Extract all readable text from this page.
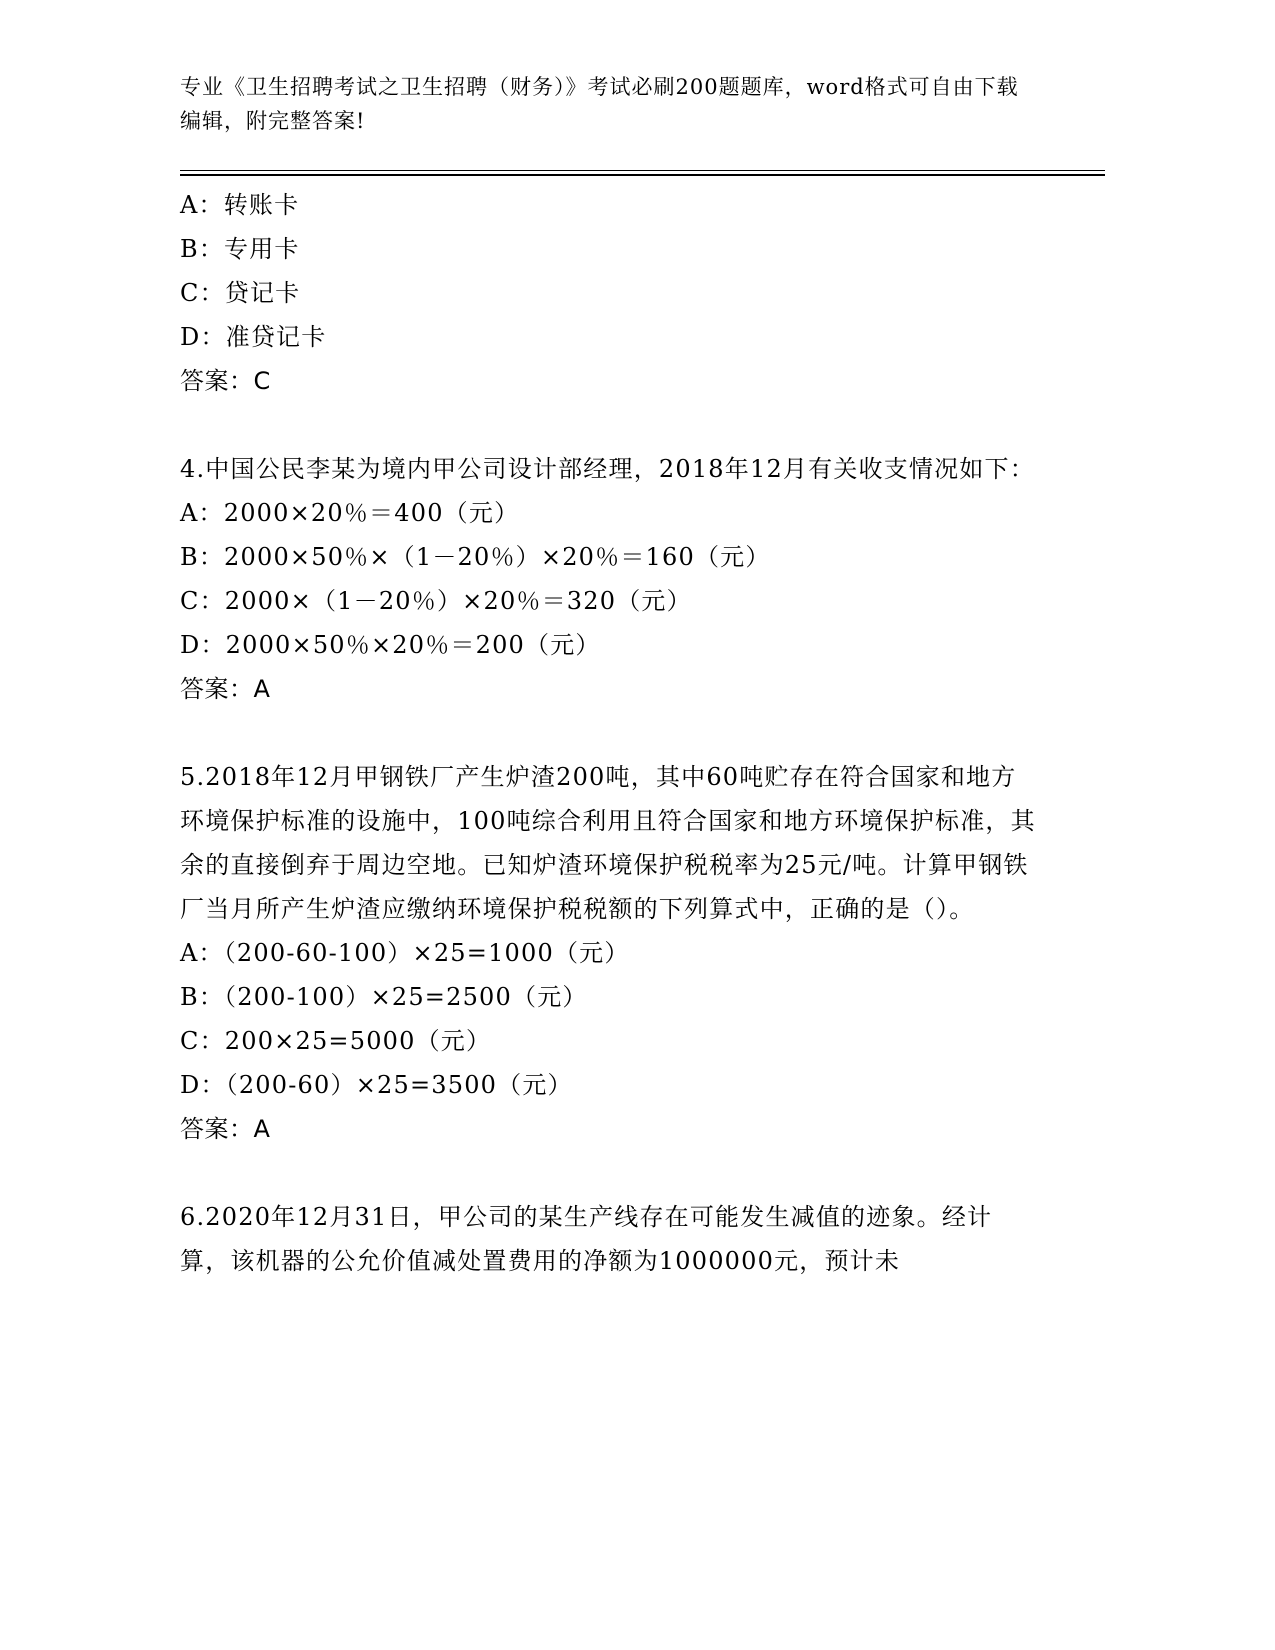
专业《卫生招聘考试之卫生招聘（财务）》考试必刷200题题库，word格式可自由下载编辑，附完整答案!

A：转账卡

B：专用卡

C：贷记卡

D：准贷记卡

答案：C

4.中国公民李某为境内甲公司设计部经理，2018年12月有关收支情况如下：

A：2000×20％＝400（元）

B：2000×50％×（1－20％）×20％＝160（元）

C：2000×（1－20％）×20％＝320（元）

D：2000×50％×20％＝200（元）

答案：A

5.2018年12月甲钢铁厂产生炉渣200吨，其中60吨贮存在符合国家和地方环境保护标准的设施中，100吨综合利用且符合国家和地方环境保护标准，其余的直接倒弃于周边空地。已知炉渣环境保护税税率为25元/吨。计算甲钢铁厂当月所产生炉渣应缴纳环境保护税税额的下列算式中，正确的是（）。

A：（200-60-100）×25=1000（元）

B：（200-100）×25=2500（元）

C：200×25=5000（元）

D：（200-60）×25=3500（元）

答案：A

6.2020年12月31日，甲公司的某生产线存在可能发生减值的迹象。经计算，该机器的公允价值减处置费用的净额为1000000元，预计未
